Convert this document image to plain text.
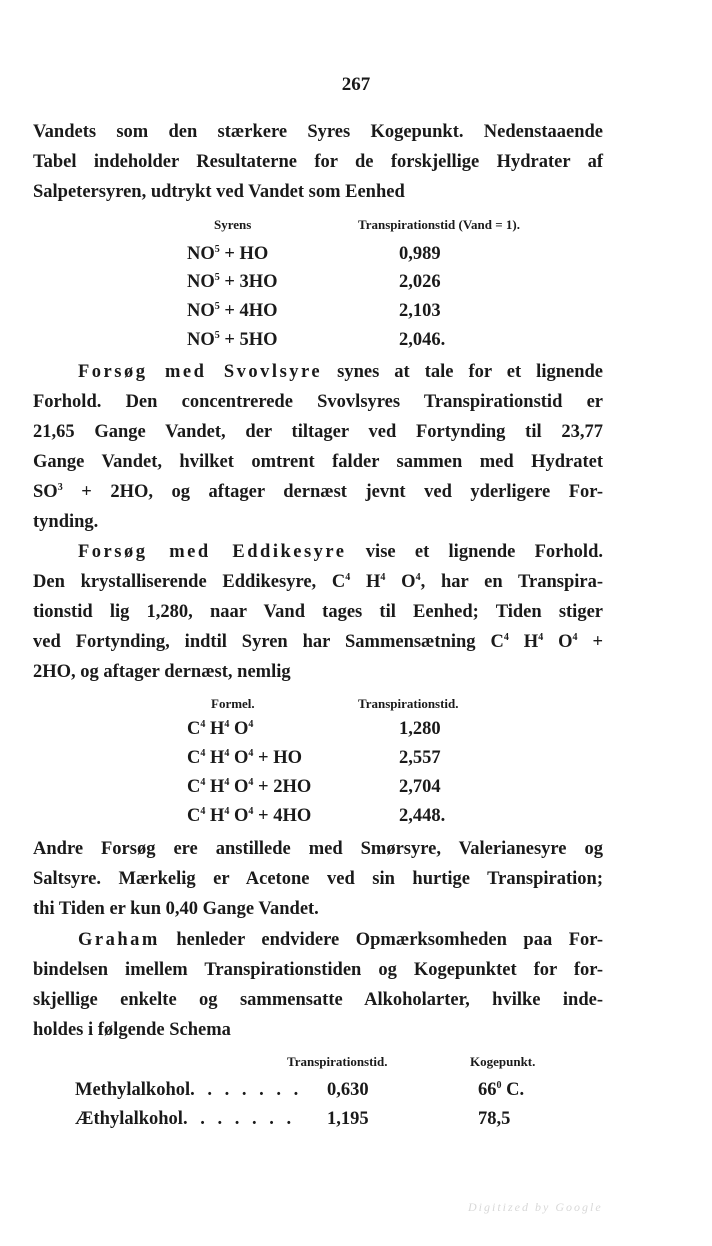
267
Vandets som den stærkere Syres Kogepunkt. Nedenstaaende
Tabel indeholder Resultaterne for de forskjellige Hydrater af
Salpetersyren, udtrykt ved Vandet som Eenhed
Syrens	Transpirationstid (Vand = 1).
$NO^5$ + HO	0,989
$NO^5 + 3HO$	2,026
$NO^5 + 4HO$	2,103
$NO^5 + 5HO$	2,046.
Forsøg med Svovlsyre synes at tale for et lignende
Forhold. Den concentrerede Svovlsyres Transpirationstid er
21,65 Gange Vandet, der tiltager ved Fortynding til 23,77
Gange Vandet, hvilket omtrent falder sammen med Hydratet
$SO^3 + 2HO$, og aftager dernæst jevnt ved yderligere For-
tynding.
Forsøg med Eddikesyre vise et lignende Forhold.
Den krystalliserende Eddikesyre, $C^4$ $H^4$ $O^4$, har en Transpira-
tionstid lig 1,280, naar Vand tages til Eenhed; Tiden stiger
ved Fortynding, indtil Syren har Sammensætning $C^4$ $H^4$ $O^4$ +
2HO, og aftager dernæst, nemlig
Formel.	Transpirationstid.
$C^4$ $H^4$ $O^4$	1,280
$C^4$ $H^4$ $O^4$ + HO	2,557
$C^4$ $H^4$ $O^4 + 2HO$	2,704
$C^4$ $H^4$ $O^4 + 4HO$	2,448.
Andre Forsøg ere anstillede med Smørsyre, Valerianesyre og
Saltsyre. Mærkelig er Acetone ved sin hurtige Transpiration;
thi Tiden er kun 0,40 Gange Vandet.
Graham henleder endvidere Opmærksomheden paa For-
bindelsen imellem Transpirationstiden og Kogepunktet for for-
skjellige enkelte og sammensatte Alkoholarter, hvilke inde-
holdes i følgende Schema
Transpirationstid.	Kogepunkt.
Methylalkohol. . . . . . . 0,630	$66^0$ C.
Æthylalkohol. . . . . . . 1,195	78,5
Digitized by Google
